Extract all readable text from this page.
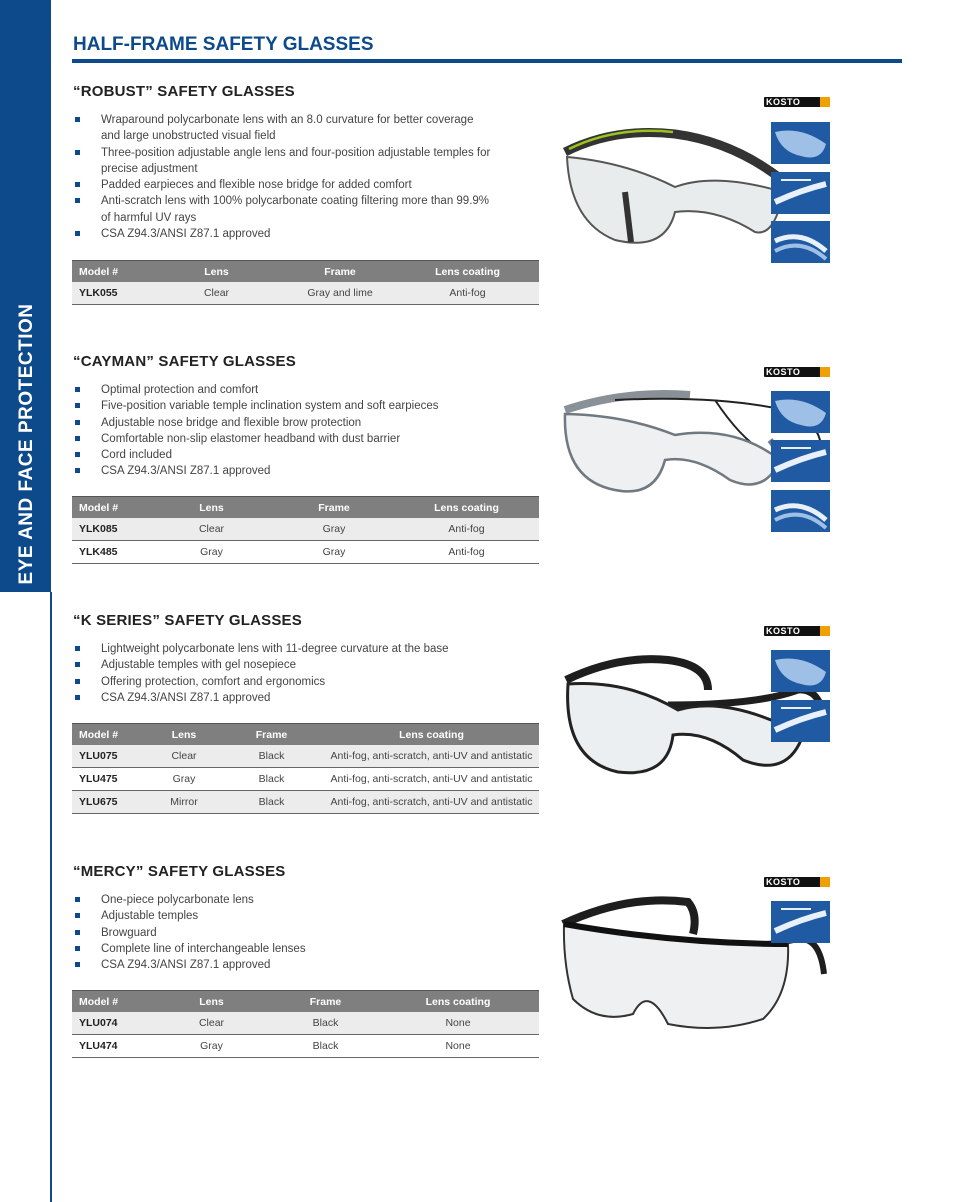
EYE AND FACE PROTECTION
HALF-FRAME SAFETY GLASSES
“ROBUST” SAFETY GLASSES
Wraparound polycarbonate lens with an 8.0 curvature for better coverage and large unobstructed visual field
Three-position adjustable angle lens and four-position adjustable temples for precise adjustment
Padded earpieces and flexible nose bridge for added comfort
Anti-scratch lens with 100% polycarbonate coating filtering more than 99.9% of harmful UV rays
CSA Z94.3/ANSI Z87.1 approved
Model #	Lens	Frame	Lens coating
YLK055	Clear	Gray and lime	Anti-fog
KOSTO
“CAYMAN” SAFETY GLASSES
Optimal protection and comfort
Five-position variable temple inclination system and soft earpieces
Adjustable nose bridge and flexible brow protection
Comfortable non-slip elastomer headband with dust barrier
Cord included
CSA Z94.3/ANSI Z87.1 approved
Model #	Lens	Frame	Lens coating
YLK085	Clear	Gray	Anti-fog
YLK485	Gray	Gray	Anti-fog
KOSTO
“K SERIES” SAFETY GLASSES
Lightweight polycarbonate lens with 11-degree curvature at the base
Adjustable temples with gel nosepiece
Offering protection, comfort and ergonomics
CSA Z94.3/ANSI Z87.1 approved
Model #	Lens	Frame	Lens coating
YLU075	Clear	Black	Anti-fog, anti-scratch, anti-UV and antistatic
YLU475	Gray	Black	Anti-fog, anti-scratch, anti-UV and antistatic
YLU675	Mirror	Black	Anti-fog, anti-scratch, anti-UV and antistatic
KOSTO
“MERCY” SAFETY GLASSES
One-piece polycarbonate lens
Adjustable temples
Browguard
Complete line of interchangeable lenses
CSA Z94.3/ANSI Z87.1 approved
Model #	Lens	Frame	Lens coating
YLU074	Clear	Black	None
YLU474	Gray	Black	None
KOSTO
